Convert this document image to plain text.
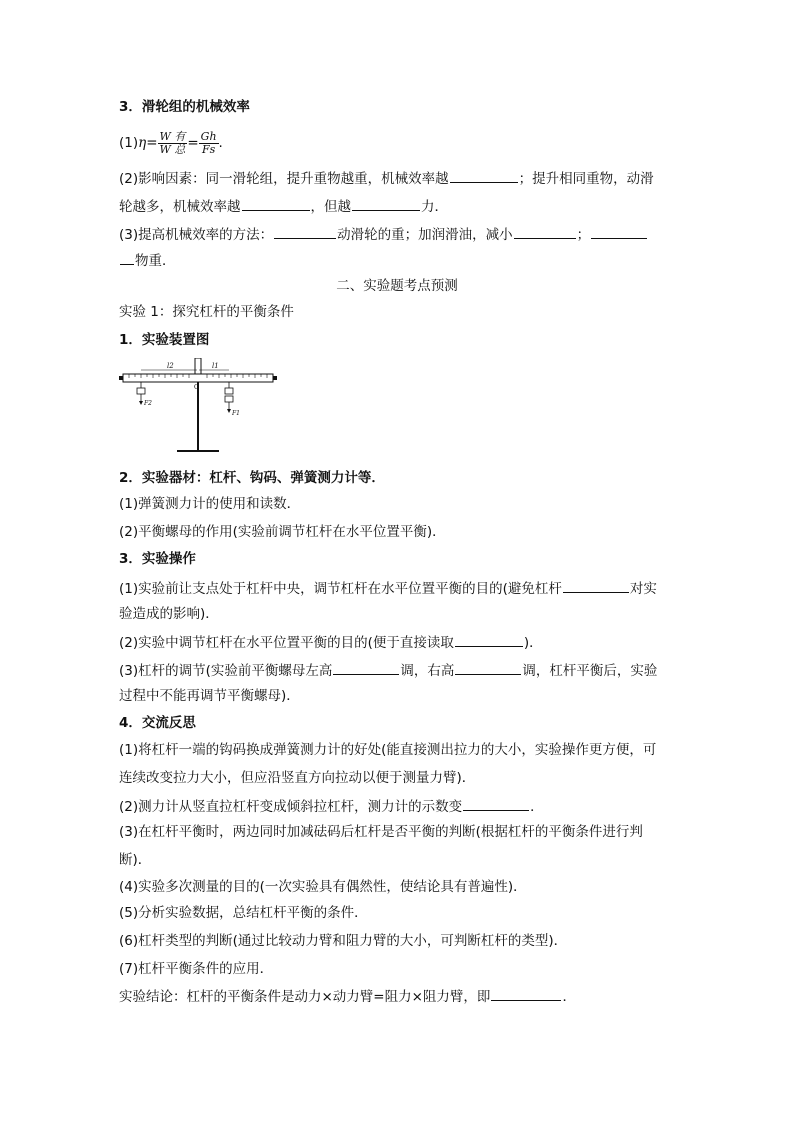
3．滑轮组的机械效率
$(1)\eta= \frac{\text{W 有}}{\text{W 总}} = \frac{Gh}{Fs}$ .
(2)影响因素：同一滑轮组，提升重物越重，机械效率越	；提升相同重物，动滑
轮越多，机械效率越	，但越	力．
(3)提高机械效率的方法：	动滑轮的重；加润滑油，减小	；
物重．
二、实验题考点预测
实验 1：探究杠杆的平衡条件
1．实验装置图
l2	l1
O
F2
F1
2．实验器材：杠杆、钩码、弹簧测力计等．
(1)弹簧测力计的使用和读数．
(2)平衡螺母的作用(实验前调节杠杆在水平位置平衡)．
3．实验操作
(1)实验前让支点处于杠杆中央，调节杠杆在水平位置平衡的目的(避免杠杆	对实
验造成的影响)．
(2)实验中调节杠杆在水平位置平衡的目的(便于直接读取	)．
(3)杠杆的调节(实验前平衡螺母左高	调，右高	调，杠杆平衡后，实验
过程中不能再调节平衡螺母)．
4．交流反思
(1)将杠杆一端的钩码换成弹簧测力计的好处(能直接测出拉力的大小，实验操作更方便，可
连续改变拉力大小，但应沿竖直方向拉动以便于测量力臂)．
(2)测力计从竖直拉杠杆变成倾斜拉杠杆，测力计的示数变	．
(3)在杠杆平衡时，两边同时加减砝码后杠杆是否平衡的判断(根据杠杆的平衡条件进行判
断)．
(4)实验多次测量的目的(一次实验具有偶然性，使结论具有普遍性)．
(5)分析实验数据，总结杠杆平衡的条件．
(6)杠杆类型的判断(通过比较动力臂和阻力臂的大小，可判断杠杆的类型)．
(7)杠杆平衡条件的应用．
实验结论：杠杆的平衡条件是动力×动力臂=阻力×阻力臂，即	．
